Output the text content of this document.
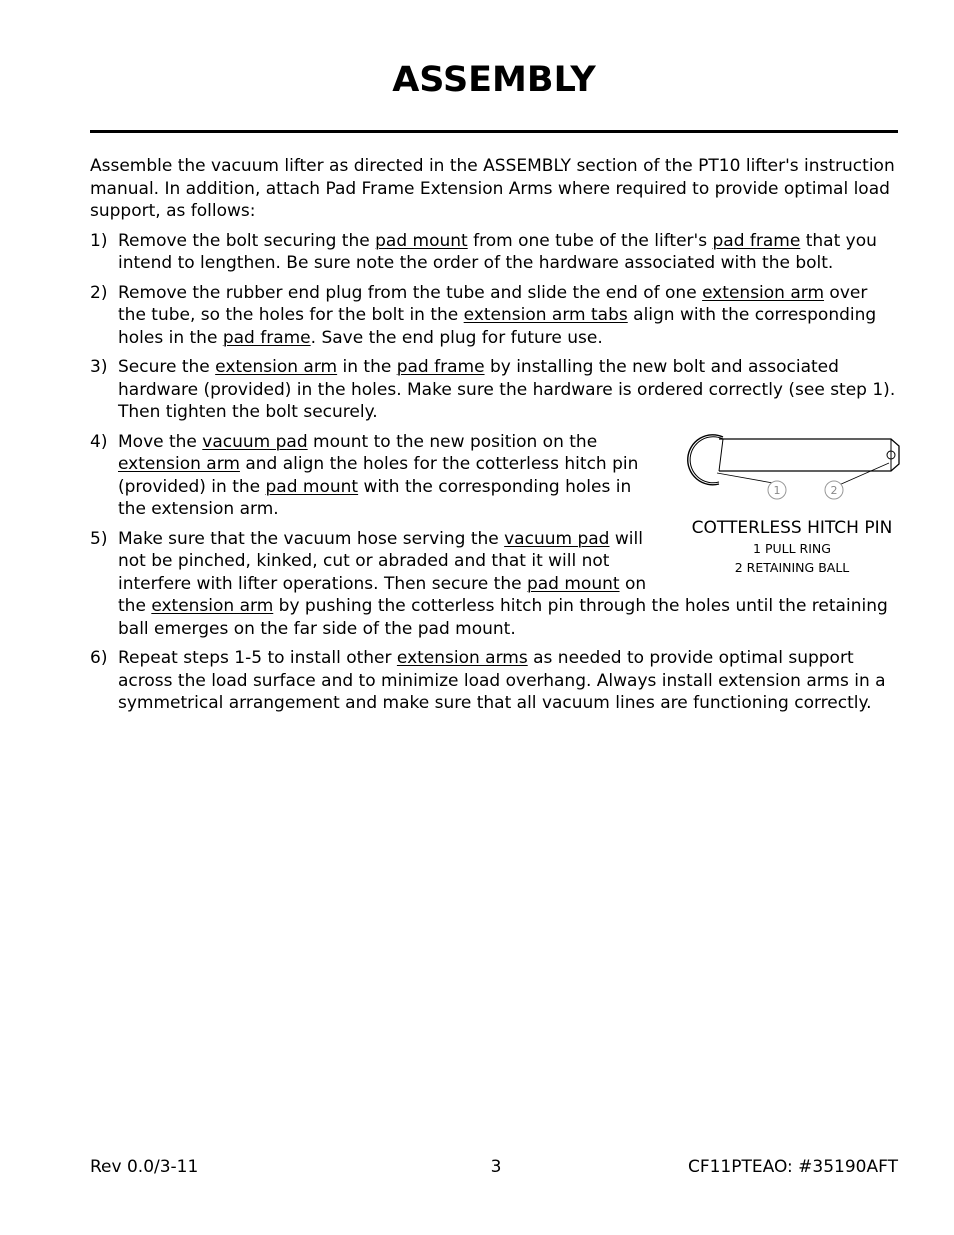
ASSEMBLY

Assemble the vacuum lifter as directed in the ASSEMBLY section of the PT10 lifter's instruction manual. In addition, attach Pad Frame Extension Arms where required to provide optimal load support, as follows:

1) Remove the bolt securing the pad mount from one tube of the lifter's pad frame that you intend to lengthen. Be sure note the order of the hardware associated with the bolt.
2) Remove the rubber end plug from the tube and slide the end of one extension arm over the tube, so the holes for the bolt in the extension arm tabs align with the corresponding holes in the pad frame. Save the end plug for future use.
3) Secure the extension arm in the pad frame by installing the new bolt and associated hardware (provided) in the holes. Make sure the hardware is ordered correctly (see step 1). Then tighten the bolt securely.
4)
1	2
COTTERLESS HITCH PIN
1 PULL RING
2 RETAINING BALL
Move the vacuum pad mount to the new position on the extension arm and align the holes for the cotterless hitch pin (provided) in the pad mount with the corresponding holes in the extension arm.
5) Make sure that the vacuum hose serving the vacuum pad will not be pinched, kinked, cut or abraded and that it will not interfere with lifter operations. Then secure the pad mount on the extension arm by pushing the cotterless hitch pin through the holes until the retaining ball emerges on the far side of the pad mount.
6) Repeat steps 1-5 to install other extension arms as needed to provide optimal support across the load surface and to minimize load overhang. Always install extension arms in a symmetrical arrangement and make sure that all vacuum lines are functioning correctly.
Rev 0.0/3-11	3	CF11PTEAO: #35190AFT
